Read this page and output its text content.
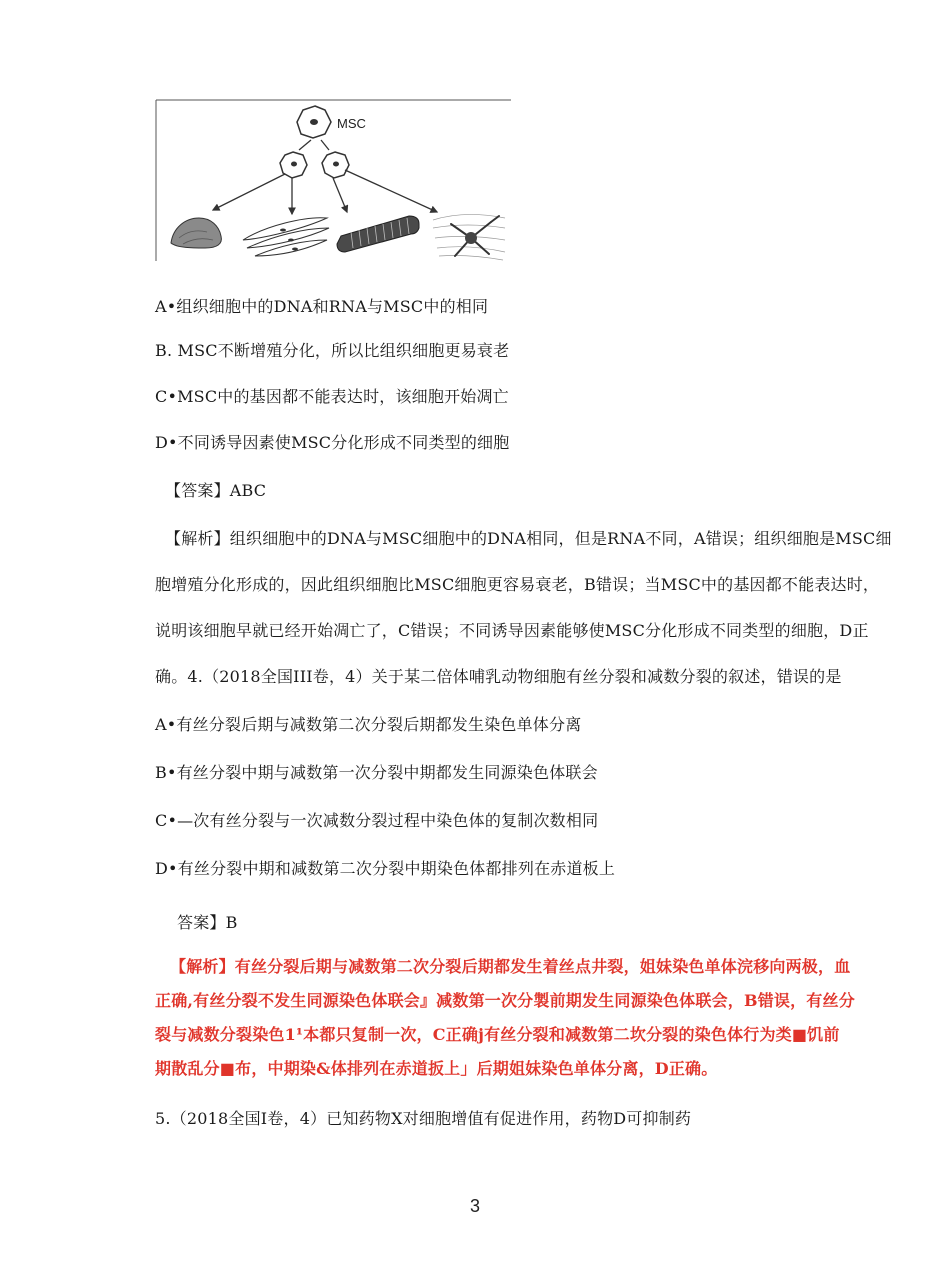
MSC
A•组织细胞中的DNA和RNA与MSC中的相同
B. MSC不断增殖分化，所以比组织细胞更易衰老
C•MSC中的基因都不能表达时，该细胞开始凋亡
D•不同诱导因素使MSC分化形成不同类型的细胞
【答案】ABC
【解析】组织细胞中的DNA与MSC细胞中的DNA相同，但是RNA不同，A错误；组织细胞是MSC细
胞增殖分化形成的，因此组织细胞比MSC细胞更容易衰老，B错误；当MSC中的基因都不能表达时，
说明该细胞早就已经开始凋亡了，C错误；不同诱导因素能够使MSC分化形成不同类型的细胞，D正
确。4.（2018全国III卷，4）关于某二倍体哺乳动物细胞有丝分裂和减数分裂的叙述，错误的是
A•有丝分裂后期与减数第二次分裂后期都发生染色单体分离
B•有丝分裂中期与减数第一次分裂中期都发生同源染色体联会
C•—次有丝分裂与一次减数分裂过程中染色体的复制次数相同
D•有丝分裂中期和减数第二次分裂中期染色体都排列在赤道板上
答案】B
【解析】有丝分裂后期与减数第二次分裂后期都发生着丝点井裂，姐妹染色单体浣移向两极，血
正确,有丝分裂不发生同源染色体联会』减数第一次分製前期发生同源染色体联会，B错误，有丝分
裂与减数分裂染色1¹本都只复制一次，C正确j有丝分裂和减数第二坎分裂的染色体行为类■饥前
期散乱分■布，中期染&体排列在赤道扳上」后期姐妹染色单体分离，D正确。
5.（2018全国Ⅰ卷，4）已知药物X对细胞增值有促进作用，药物D可抑制药
3
